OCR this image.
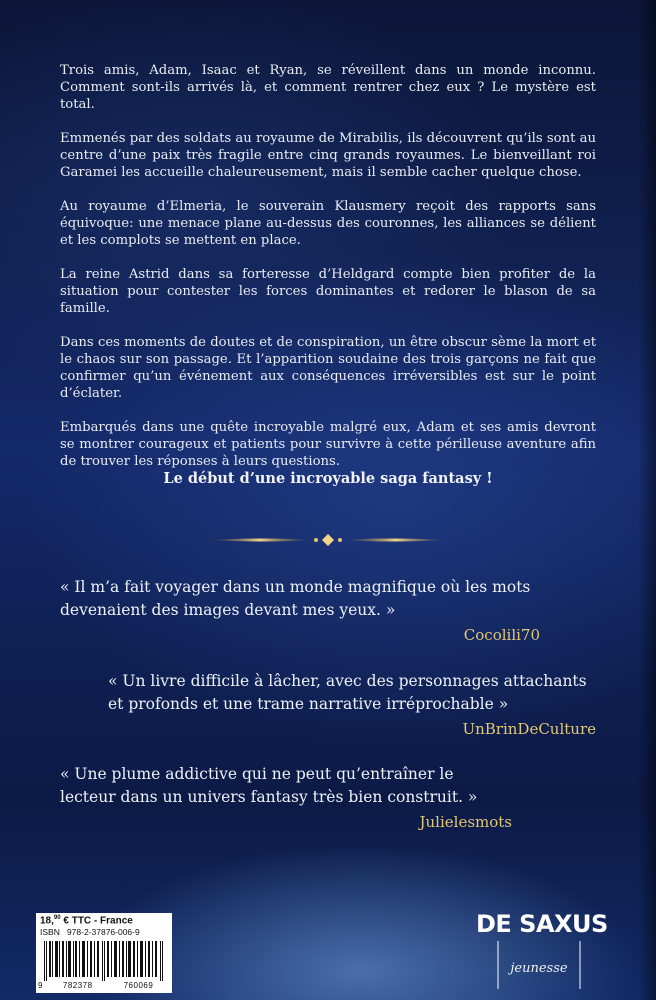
Trois amis, Adam, Isaac et Ryan, se réveillent dans un monde inconnu. Comment sont-ils arrivés là, et comment rentrer chez eux ? Le mystère est total.

Emmenés par des soldats au royaume de Mirabilis, ils découvrent qu’ils sont au centre d’une paix très fragile entre cinq grands royaumes. Le bienveillant roi Garamei les accueille chaleureusement, mais il semble cacher quelque chose.

Au royaume d’Elmeria, le souverain Klausmery reçoit des rapports sans équivoque: une menace plane au-dessus des couronnes, les alliances se délient et les complots se mettent en place.

La reine Astrid dans sa forteresse d’Heldgard compte bien profiter de la situation pour contester les forces dominantes et redorer le blason de sa famille.

Dans ces moments de doutes et de conspiration, un être obscur sème la mort et le chaos sur son passage. Et l’apparition soudaine des trois garçons ne fait que confirmer qu’un événement aux conséquences irréversibles est sur le point d’éclater.

Embarqués dans une quête incroyable malgré eux, Adam et ses amis devront se montrer courageux et patients pour survivre à cette périlleuse aventure afin de trouver les réponses à leurs questions.

Le début d’une incroyable saga fantasy !
« Il m’a fait voyager dans un monde magnifique où les mots devenaient des images devant mes yeux. »
Cocolili70
« Un livre difficile à lâcher, avec des personnages attachants et profonds et une trame narrative irréprochable »
UnBrinDeCulture
« Une plume addictive qui ne peut qu’entraîner le lecteur dans un univers fantasy très bien construit. »
Julielesmots
18,90 € TTC - France
ISBN 978-2-37876-006-9
9 782378	760069
DE SAXUS
jeunesse
